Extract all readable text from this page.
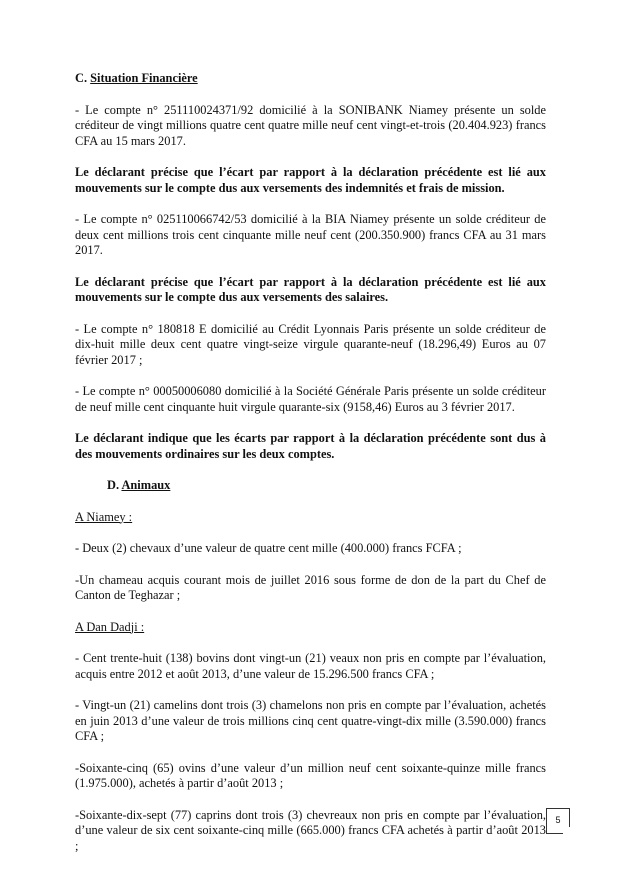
C. Situation Financière

- Le compte n° 251110024371/92 domicilié à la SONIBANK Niamey présente un solde créditeur de vingt millions quatre cent quatre mille neuf cent vingt-et-trois (20.404.923) francs CFA au 15 mars 2017.

Le déclarant précise que l’écart par rapport à la déclaration précédente est lié aux mouvements sur le compte dus aux versements des indemnités et frais de mission.

- Le compte n° 025110066742/53 domicilié à la BIA Niamey présente un solde créditeur de deux cent millions trois cent cinquante mille neuf cent (200.350.900) francs CFA au 31 mars 2017.

Le déclarant précise que l’écart par rapport à la déclaration précédente est lié aux mouvements sur le compte dus aux versements des salaires.

- Le compte n° 180818 E domicilié au Crédit Lyonnais Paris présente un solde créditeur de dix-huit mille deux cent quatre vingt-seize virgule quarante-neuf (18.296,49) Euros au 07 février 2017 ;

- Le compte n° 00050006080 domicilié à la Société Générale Paris présente un solde créditeur de neuf mille cent cinquante huit virgule quarante-six (9158,46) Euros au 3 février 2017.

Le déclarant indique que les écarts par rapport à la déclaration précédente sont dus à des mouvements ordinaires sur les deux comptes.

D. Animaux

A Niamey :

- Deux (2) chevaux d’une valeur de quatre cent mille (400.000) francs FCFA ;

-Un chameau acquis courant mois de juillet 2016 sous forme de don de la part du Chef de Canton de Teghazar ;

A Dan Dadji :

- Cent trente-huit (138) bovins dont vingt-un (21) veaux non pris en compte par l’évaluation, acquis entre 2012 et août 2013, d’une valeur de 15.296.500 francs CFA ;

- Vingt-un (21) camelins dont trois (3) chamelons non pris en compte par l’évaluation, achetés en juin 2013 d’une valeur de trois millions cinq cent quatre-vingt-dix mille (3.590.000) francs CFA ;

-Soixante-cinq (65) ovins d’une valeur d’un million neuf cent soixante-quinze mille francs (1.975.000), achetés à partir d’août 2013 ;

-Soixante-dix-sept (77) caprins dont trois (3) chevreaux non pris en compte par l’évaluation, d’une valeur de six cent soixante-cinq mille (665.000) francs CFA achetés à partir d’août 2013 ;

5
